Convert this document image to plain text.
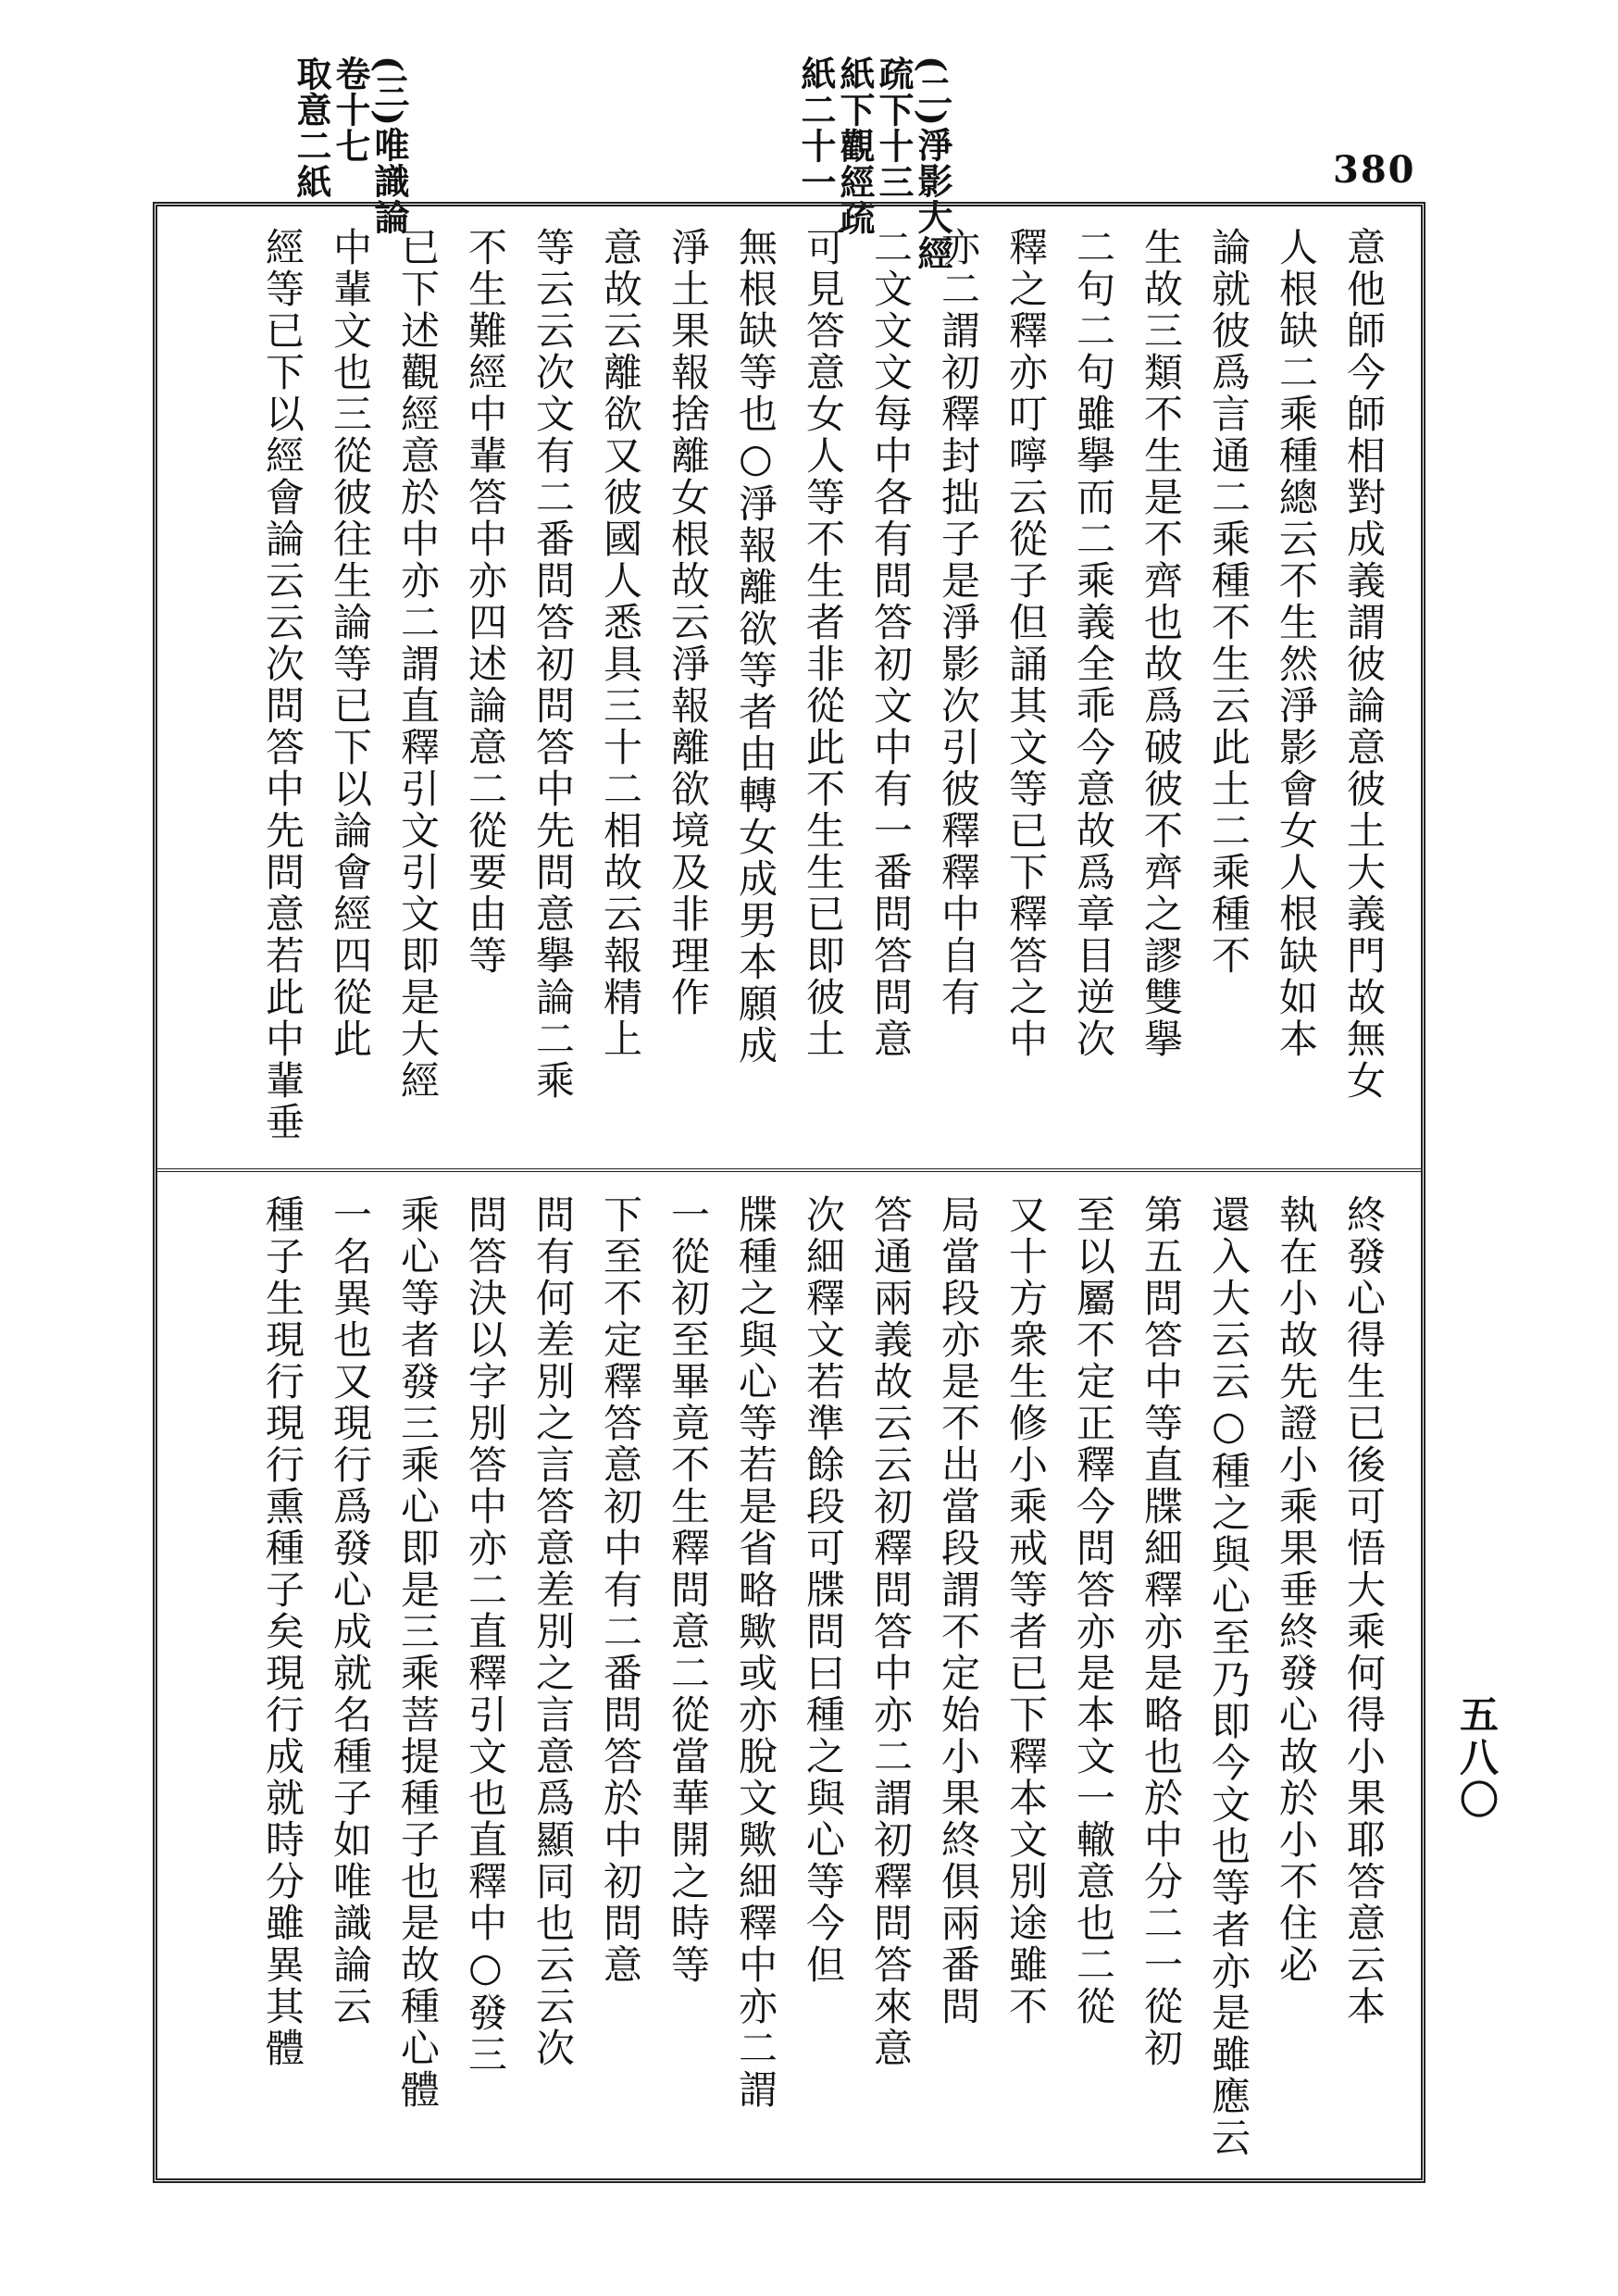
(二)淨影大經
疏下十三
紙下觀經疏
紙二十一

(三)唯識論
卷十七
取意二紙	380
意他師今師相對成義謂彼論意彼土大義門故無女
人根缺二乘種總云不生然淨影會女人根缺如本
論就彼爲言通二乘種不生云此土二乘種不
生故三類不生是不齊也故爲破彼不齊之謬雙擧
二句二句雖擧而二乘義全乖今意故爲章目逆次
釋之釋亦叮嚀云從子但誦其文等已下釋答之中
亦二謂初釋封拙子是淨影次引彼釋釋中自有
二文文文每中各有問答初文中有一番問答問意
可見答意女人等不生者非從此不生生已即彼土
無根缺等也○淨報離欲等者由轉女成男本願成
淨土果報捨離女根故云淨報離欲境及非理作
意故云離欲又彼國人悉具三十二相故云報精上
等云云次文有二番問答初問答中先問意擧論二乘
不生難經中輩答中亦四述論意二從要由等
已下述觀經意於中亦二謂直釋引文引文即是大經
中輩文也三從彼往生論等已下以論會經四從此
經等已下以經會論云云次問答中先問意若此中輩垂
終發心得生已後可悟大乘何得小果耶答意云本
執在小故先證小乘果垂終發心故於小不住必
還入大云云○種之與心至乃即今文也等者亦是雖應云
第五問答中等直牒細釋亦是略也於中分二一從初
至以屬不定正釋今問答亦是本文一轍意也二從
又十方衆生修小乘戒等者已下釋本文別途雖不
局當段亦是不出當段謂不定始小果終俱兩番問
答通兩義故云云初釋問答中亦二謂初釋問答來意
次細釋文若準餘段可牒問曰種之與心等今但
牒種之與心等若是省略歟或亦脫文歟細釋中亦二謂
一從初至畢竟不生釋問意二從當華開之時等
下至不定釋答意初中有二番問答於中初問意
問有何差別之言答意差別之言意爲顯同也云云次
問答決以字別答中亦二直釋引文也直釋中○發三
乘心等者發三乘心即是三乘菩提種子也是故種心體
一名異也又現行爲發心成就名種子如唯識論云
種子生現行現行熏種子矣現行成就時分雖異其體	五八〇
